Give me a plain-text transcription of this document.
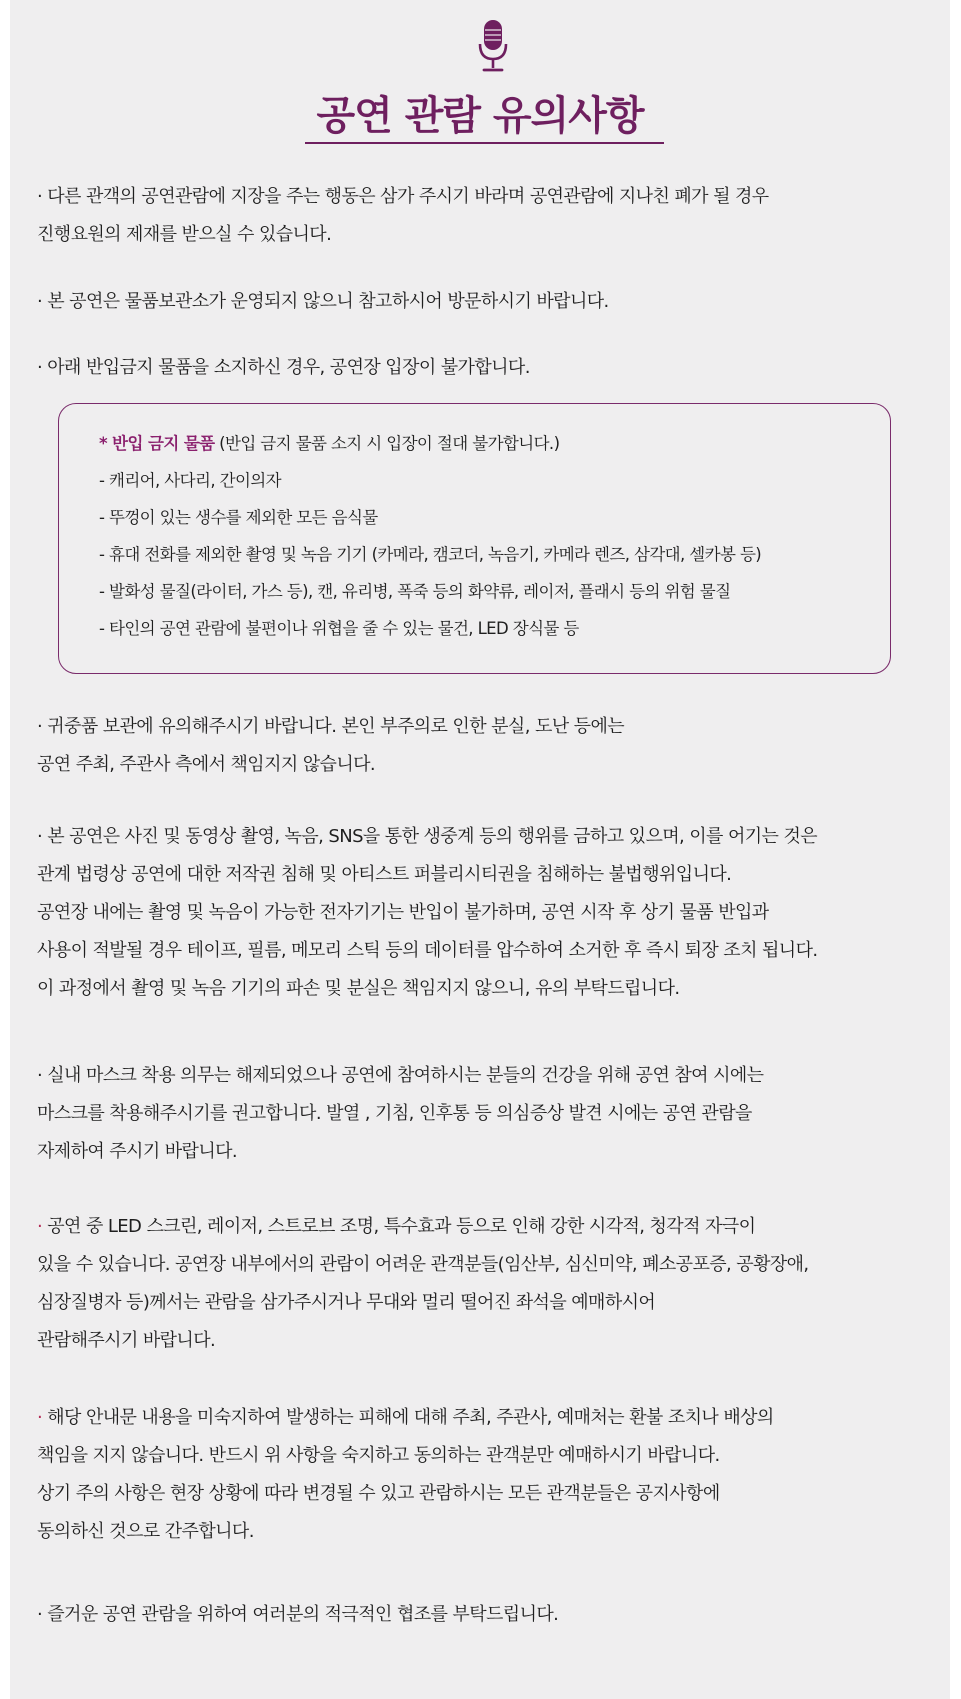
공연 관람 유의사항

· 다른 관객의 공연관람에 지장을 주는 행동은 삼가 주시기 바라며 공연관람에 지나친 폐가 될 경우
진행요원의 제재를 받으실 수 있습니다.

· 본 공연은 물품보관소가 운영되지 않으니 참고하시어 방문하시기 바랍니다.

· 아래 반입금지 물품을 소지하신 경우, 공연장 입장이 불가합니다.

* 반입 금지 물품 (반입 금지 물품 소지 시 입장이 절대 불가합니다.)
- 캐리어, 사다리, 간이의자
- 뚜껑이 있는 생수를 제외한 모든 음식물
- 휴대 전화를 제외한 촬영 및 녹음 기기 (카메라, 캠코더, 녹음기, 카메라 렌즈, 삼각대, 셀카봉 등)
- 발화성 물질(라이터, 가스 등), 캔, 유리병, 폭죽 등의 화약류, 레이저, 플래시 등의 위험 물질
- 타인의 공연 관람에 불편이나 위협을 줄 수 있는 물건, LED 장식물 등

· 귀중품 보관에 유의해주시기 바랍니다. 본인 부주의로 인한 분실, 도난 등에는
공연 주최, 주관사 측에서 책임지지 않습니다.

· 본 공연은 사진 및 동영상 촬영, 녹음, SNS을 통한 생중계 등의 행위를 금하고 있으며, 이를 어기는 것은
관계 법령상 공연에 대한 저작권 침해 및 아티스트 퍼블리시티권을 침해하는 불법행위입니다.
공연장 내에는 촬영 및 녹음이 가능한 전자기기는 반입이 불가하며, 공연 시작 후 상기 물품 반입과
사용이 적발될 경우 테이프, 필름, 메모리 스틱 등의 데이터를 압수하여 소거한 후 즉시 퇴장 조치 됩니다.
이 과정에서 촬영 및 녹음 기기의 파손 및 분실은 책임지지 않으니, 유의 부탁드립니다.

· 실내 마스크 착용 의무는 해제되었으나 공연에 참여하시는 분들의 건강을 위해 공연 참여 시에는
마스크를 착용해주시기를 권고합니다. 발열 , 기침, 인후통 등 의심증상 발견 시에는 공연 관람을
자제하여 주시기 바랍니다.

· 공연 중 LED 스크린, 레이저, 스트로브 조명, 특수효과 등으로 인해 강한 시각적, 청각적 자극이
있을 수 있습니다. 공연장 내부에서의 관람이 어려운 관객분들(임산부, 심신미약, 폐소공포증, 공황장애,
심장질병자 등)께서는 관람을 삼가주시거나 무대와 멀리 떨어진 좌석을 예매하시어
관람해주시기 바랍니다.

· 해당 안내문 내용을 미숙지하여 발생하는 피해에 대해 주최, 주관사, 예매처는 환불 조치나 배상의
책임을 지지 않습니다. 반드시 위 사항을 숙지하고 동의하는 관객분만 예매하시기 바랍니다.
상기 주의 사항은 현장 상황에 따라 변경될 수 있고 관람하시는 모든 관객분들은 공지사항에
동의하신 것으로 간주합니다.

· 즐거운 공연 관람을 위하여 여러분의 적극적인 협조를 부탁드립니다.
